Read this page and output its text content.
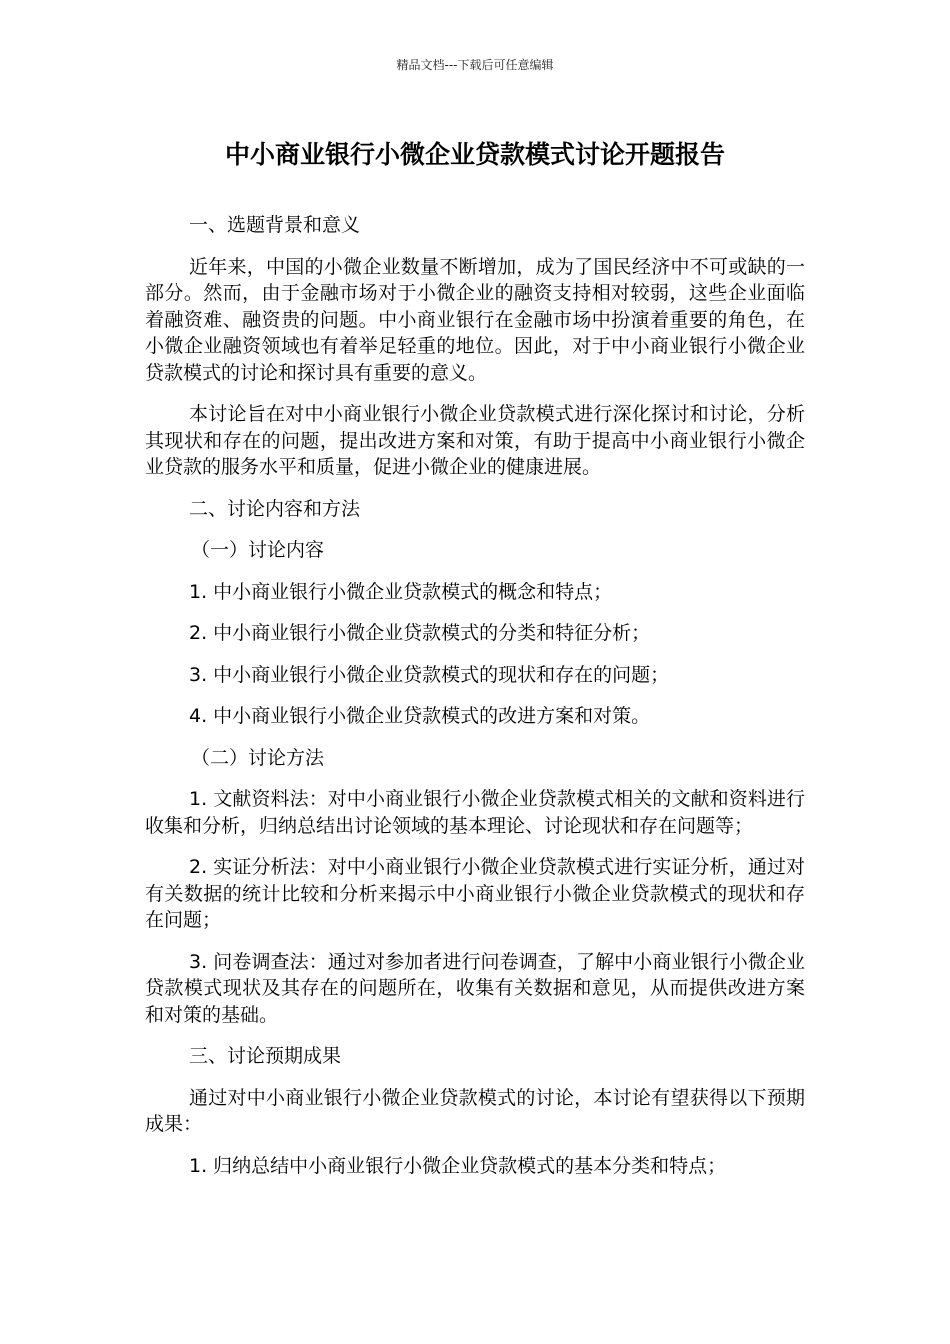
精品文档---下载后可任意编辑
中小商业银行小微企业贷款模式讨论开题报告

一、选题背景和意义

近年来，中国的小微企业数量不断增加，成为了国民经济中不可或缺的一部分。然而，由于金融市场对于小微企业的融资支持相对较弱，这些企业面临着融资难、融资贵的问题。中小商业银行在金融市场中扮演着重要的角色，在小微企业融资领域也有着举足轻重的地位。因此，对于中小商业银行小微企业贷款模式的讨论和探讨具有重要的意义。

本讨论旨在对中小商业银行小微企业贷款模式进行深化探讨和讨论，分析其现状和存在的问题，提出改进方案和对策，有助于提高中小商业银行小微企业贷款的服务水平和质量，促进小微企业的健康进展。

二、讨论内容和方法

（一）讨论内容

1. 中小商业银行小微企业贷款模式的概念和特点；

2. 中小商业银行小微企业贷款模式的分类和特征分析；

3. 中小商业银行小微企业贷款模式的现状和存在的问题；

4. 中小商业银行小微企业贷款模式的改进方案和对策。

（二）讨论方法

1. 文献资料法：对中小商业银行小微企业贷款模式相关的文献和资料进行收集和分析，归纳总结出讨论领域的基本理论、讨论现状和存在问题等；

2. 实证分析法：对中小商业银行小微企业贷款模式进行实证分析，通过对有关数据的统计比较和分析来揭示中小商业银行小微企业贷款模式的现状和存在问题；

3. 问卷调查法：通过对参加者进行问卷调查，了解中小商业银行小微企业贷款模式现状及其存在的问题所在，收集有关数据和意见，从而提供改进方案和对策的基础。

三、讨论预期成果

通过对中小商业银行小微企业贷款模式的讨论，本讨论有望获得以下预期成果：

1. 归纳总结中小商业银行小微企业贷款模式的基本分类和特点；
